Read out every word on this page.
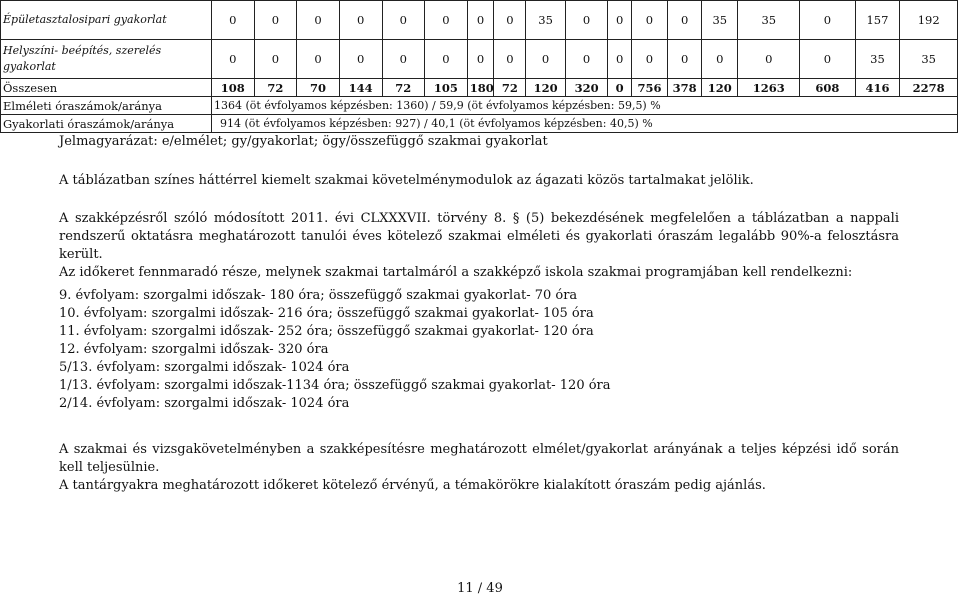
Épületasztalosipari gyakorlat	0	0	0	0	0	0	0	0	35	0	0	0	0	35	35	0	157	192
Helyszíni- beépítés, szerelés gyakorlat	0	0	0	0	0	0	0	0	0	0	0	0	0	0	0	0	35	35
Összesen	108	72	70	144	72	105	180	72	120	320	0	756	378	120	1263	608	416	2278
Elméleti óraszámok/aránya	1364 (öt évfolyamos képzésben: 1360) / 59,9 (öt évfolyamos képzésben: 59,5) %																	
Gyakorlati óraszámok/aránya	914 (öt évfolyamos képzésben: 927) / 40,1 (öt évfolyamos képzésben: 40,5) %																	
Jelmagyarázat: e/elmélet; gy/gyakorlat; ögy/összefüggő szakmai gyakorlat
A táblázatban színes háttérrel kiemelt szakmai követelménymodulok az ágazati közös tartalmakat jelölik.

A szakképzésről szóló módosított 2011. évi CLXXXVII. törvény 8. § (5) bekezdésének megfelelően a táblázatban a nappali rendszerű oktatásra meghatározott tanulói éves kötelező szakmai elméleti és gyakorlati óraszám legalább 90%-a felosztásra került.

Az időkeret fennmaradó része, melynek szakmai tartalmáról a szakképző iskola szakmai programjában kell rendelkezni:

9. évfolyam: szorgalmi időszak- 180 óra; összefüggő szakmai gyakorlat- 70 óra

10. évfolyam: szorgalmi időszak- 216 óra; összefüggő szakmai gyakorlat- 105 óra

11. évfolyam: szorgalmi időszak- 252 óra; összefüggő szakmai gyakorlat- 120 óra

12. évfolyam: szorgalmi időszak- 320 óra

5/13. évfolyam: szorgalmi időszak- 1024 óra

1/13. évfolyam: szorgalmi időszak-1134 óra; összefüggő szakmai gyakorlat- 120 óra

2/14. évfolyam: szorgalmi időszak- 1024 óra

A szakmai és vizsgakövetelményben a szakképesítésre meghatározott elmélet/gyakorlat arányának a teljes képzési idő során kell teljesülnie.

A tantárgyakra meghatározott időkeret kötelező érvényű, a témakörökre kialakított óraszám pedig ajánlás.

11 / 49
